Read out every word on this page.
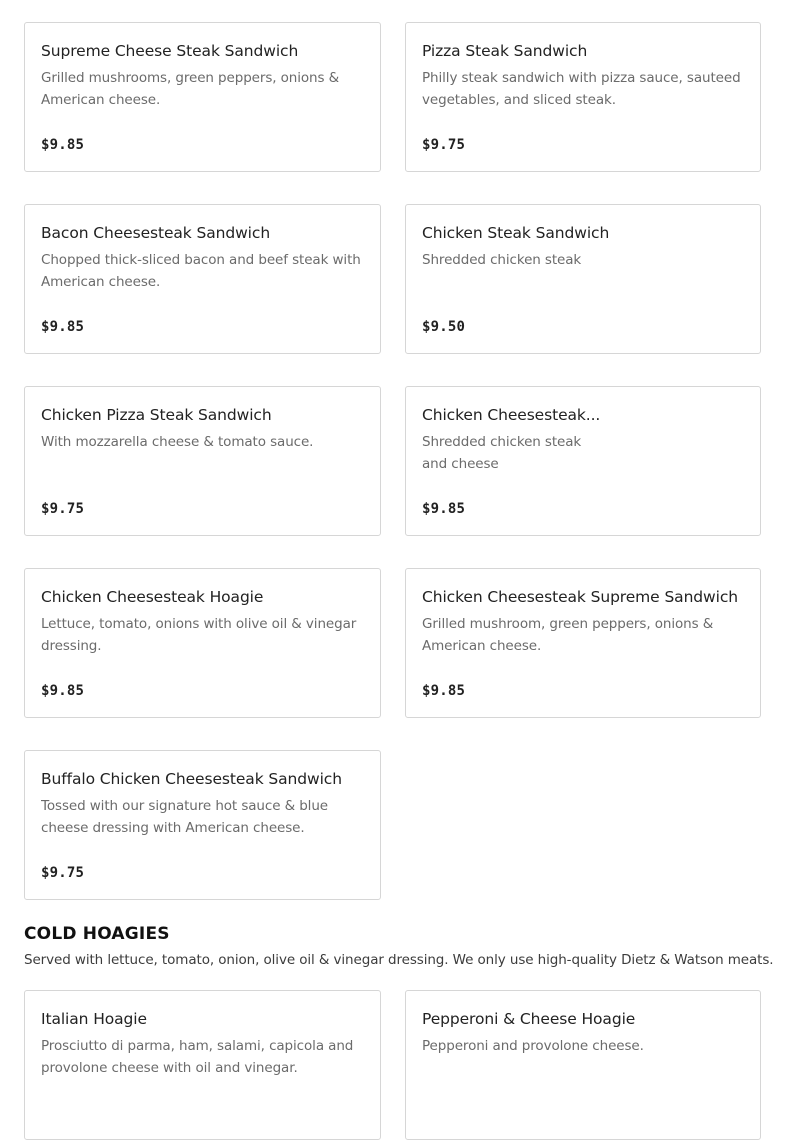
Supreme Cheese Steak Sandwich
Grilled mushrooms, green peppers, onions & American cheese.
$9.85
Pizza Steak Sandwich
Philly steak sandwich with pizza sauce, sauteed vegetables, and sliced steak.
$9.75
Bacon Cheesesteak Sandwich
Chopped thick-sliced bacon and beef steak with American cheese.
$9.85
Chicken Steak Sandwich
Shredded chicken steak
$9.50
Chicken Pizza Steak Sandwich
With mozzarella cheese & tomato sauce.
$9.75
Chicken Cheesesteak...
Shredded chicken steak and cheese
$9.85
Chicken Cheesesteak Hoagie
Lettuce, tomato, onions with olive oil & vinegar dressing.
$9.85
Chicken Cheesesteak Supreme Sandwich
Grilled mushroom, green peppers, onions & American cheese.
$9.85
Buffalo Chicken Cheesesteak Sandwich
Tossed with our signature hot sauce & blue cheese dressing with American cheese.
$9.75
COLD HOAGIES
Served with lettuce, tomato, onion, olive oil & vinegar dressing. We only use high-quality Dietz & Watson meats.
Italian Hoagie
Prosciutto di parma, ham, salami, capicola and provolone cheese with oil and vinegar.
Pepperoni & Cheese Hoagie
Pepperoni and provolone cheese.
